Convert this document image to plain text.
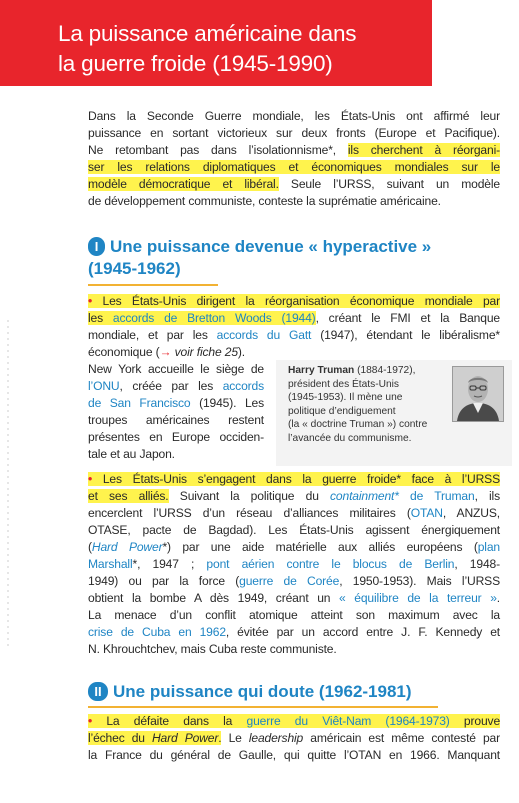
La puissance américaine dans
la guerre froide (1945-1990)
Dans la Seconde Guerre mondiale, les États-Unis ont affirmé leur
puissance en sortant victorieux sur deux fronts (Europe et Pacifique).
Ne retombant pas dans l’isolationnisme*, ils cherchent à réorgani-
ser les relations diplomatiques et économiques mondiales sur le
modèle démocratique et libéral. Seule l’URSS, suivant un modèle
de développement communiste, conteste la suprématie américaine.
I Une puissance devenue « hyperactive »
(1945-1962)
• Les États-Unis dirigent la réorganisation économique mondiale par
les accords de Bretton Woods (1944), créant le FMI et la Banque
mondiale, et par les accords du Gatt (1947), étendant le libéralisme*
économique (→ voir fiche 25).
New York accueille le siège de
l’ONU, créée par les accords
de San Francisco (1945). Les
troupes américaines restent
présentes en Europe occiden-
tale et au Japon.
Harry Truman (1884-1972),
président des États-Unis
(1945-1953). Il mène une
politique d’endiguement
(la « doctrine Truman ») contre
l’avancée du communisme.
• Les États-Unis s’engagent dans la guerre froide* face à l’URSS
et ses alliés. Suivant la politique du containment* de Truman, ils
encerclent l’URSS d’un réseau d’alliances militaires (OTAN, ANZUS,
OTASE, pacte de Bagdad). Les États-Unis agissent énergiquement
(Hard Power*) par une aide matérielle aux alliés européens (plan
Marshall*, 1947 ; pont aérien contre le blocus de Berlin, 1948-
1949) ou par la force (guerre de Corée, 1950-1953). Mais l’URSS
obtient la bombe A dès 1949, créant un « équilibre de la terreur ».
La menace d’un conflit atomique atteint son maximum avec la
crise de Cuba en 1962, évitée par un accord entre J. F. Kennedy et
N. Khrouchtchev, mais Cuba reste communiste.
II Une puissance qui doute (1962-1981)
• La défaite dans la guerre du Viêt-Nam (1964-1973) prouve
l’échec du Hard Power. Le leadership américain est même contesté par
la France du général de Gaulle, qui quitte l’OTAN en 1966. Manquant
